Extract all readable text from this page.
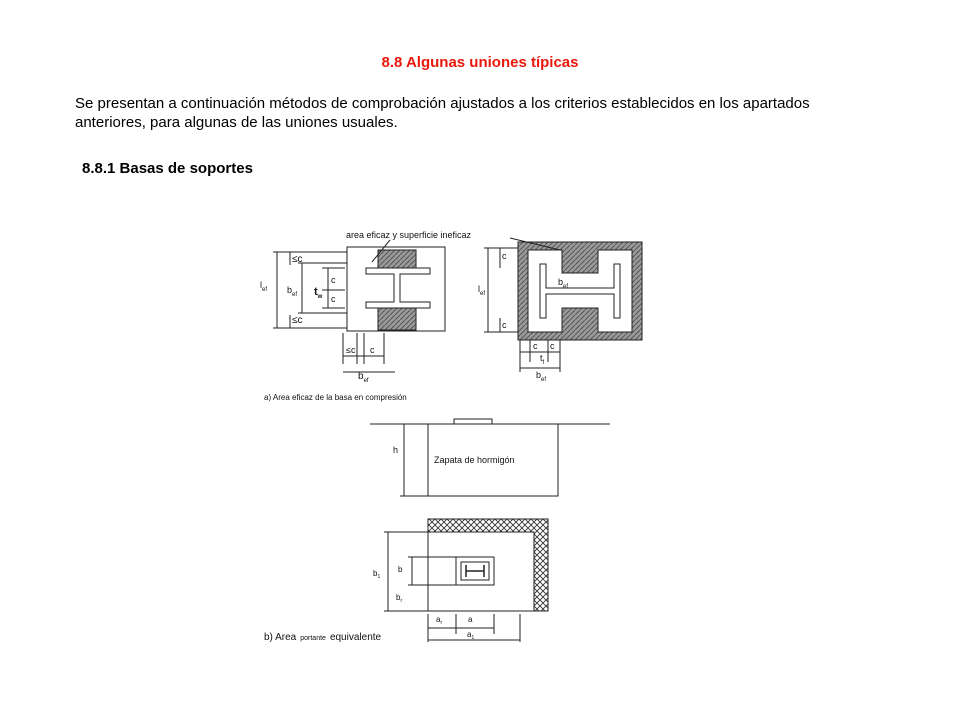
8.8 Algunas uniones típicas
Se presentan a continuación métodos de comprobación ajustados a los criterios establecidos en los apartados
anteriores, para algunas de las uniones usuales.
8.8.1 Basas de soportes
area eficaz y superficie ineficaz
$l_{ef}$ $b_{ef}$
≤c
≤c
$t_w$
c
c
≤c c
$b_{ef}$
$l_{ef}$
c
c
$b_{ef}$
c c
$t_f$
$b_{ef}$
a) Area eficaz de la basa en compresión
h
Zapata de hormigón
$b_1$
b
$b_r$
$a_r$	a
$a_1$
b) Area portante equivalente
